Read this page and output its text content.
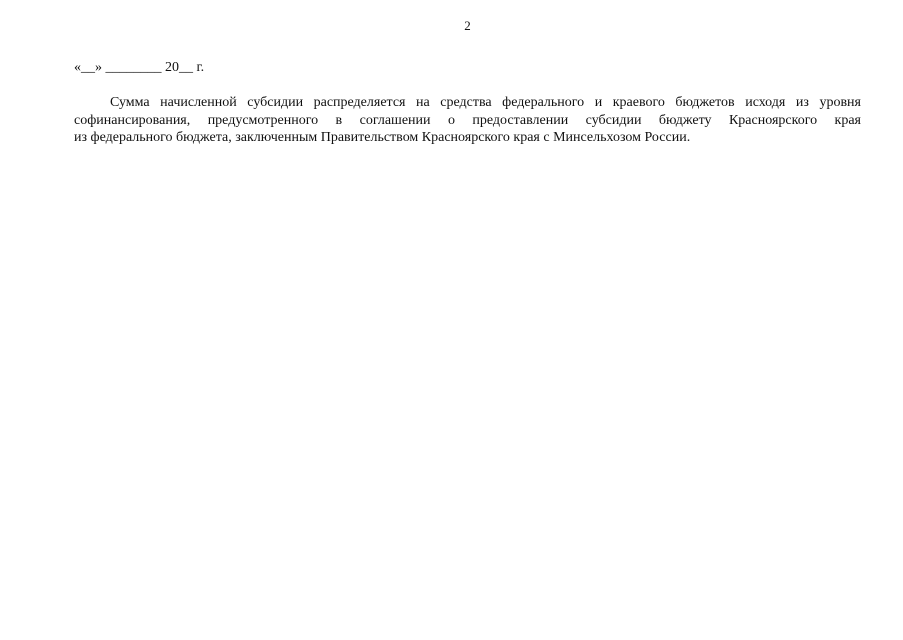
2
«__» ________ 20__ г.
Сумма начисленной субсидии распределяется на средства федерального и краевого бюджетов исходя из уровня
софинансирования, предусмотренного в соглашении о предоставлении субсидии бюджету Красноярского края
из федерального бюджета, заключенным Правительством Красноярского края с Минсельхозом России.
